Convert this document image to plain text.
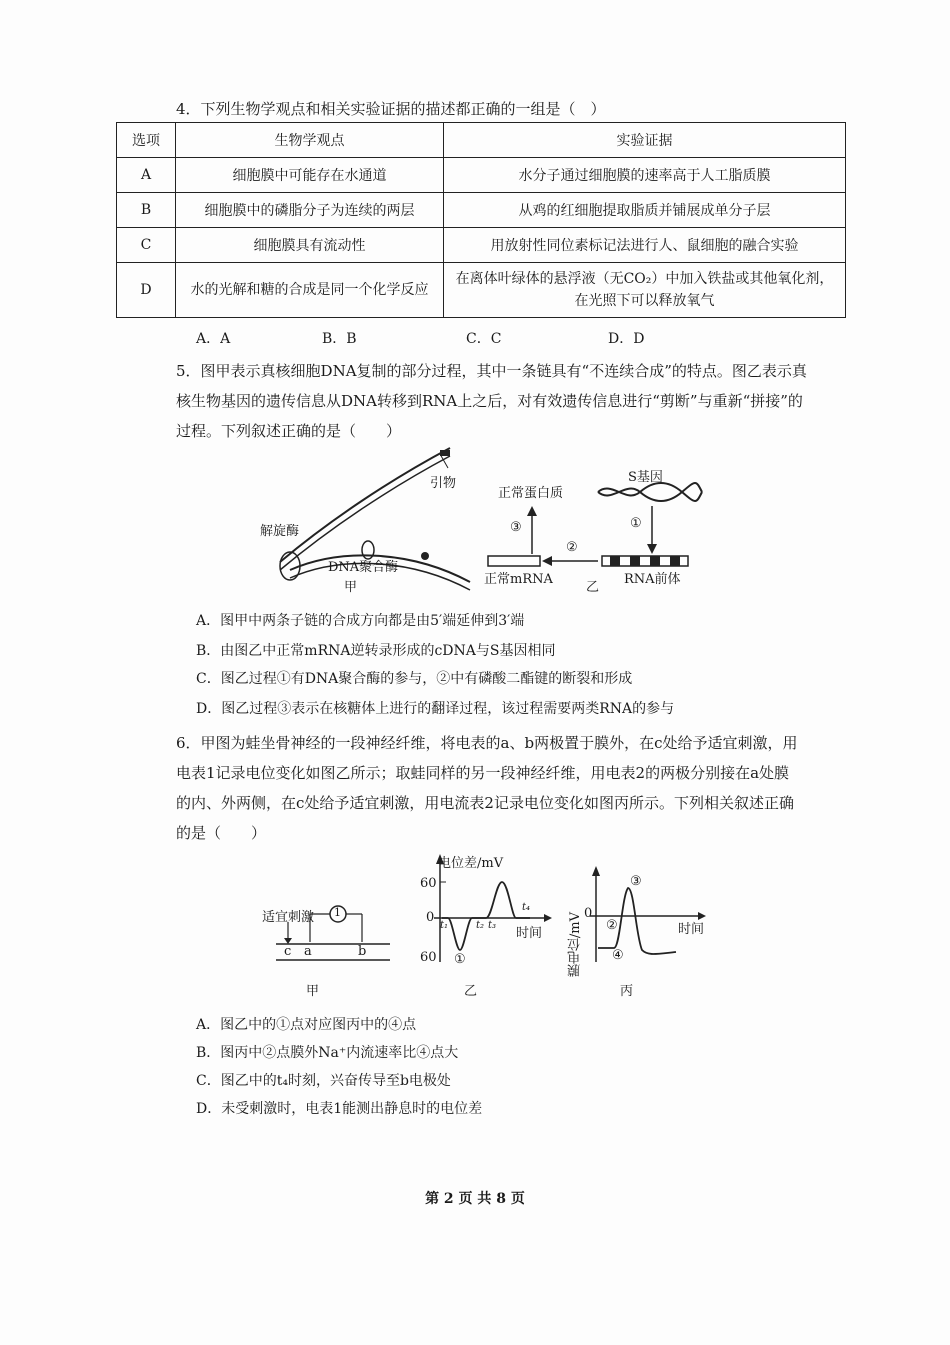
4．下列生物学观点和相关实验证据的描述都正确的一组是（　）
选项	生物学观点	实验证据
A	细胞膜中可能存在水通道	水分子通过细胞膜的速率高于人工脂质膜
B	细胞膜中的磷脂分子为连续的两层	从鸡的红细胞提取脂质并铺展成单分子层
C	细胞膜具有流动性	用放射性同位素标记法进行人、鼠细胞的融合实验
D	水的光解和糖的合成是同一个化学反应	在离体叶绿体的悬浮液（无CO₂）中加入铁盐或其他氧化剂，
在光照下可以释放氧气
A．A	B．B	C．C	D．D
5．图甲表示真核细胞DNA复制的部分过程，其中一条链具有“不连续合成”的特点。图乙表示真
核生物基因的遗传信息从DNA转移到RNA上之后，对有效遗传信息进行“剪断”与重新“拼接”的
过程。下列叙述正确的是（　　）
引物
解旋酶
DNA聚合酶
甲
正常蛋白质
S基因
③	①
②
正常mRNA
乙
RNA前体
A．图甲中两条子链的合成方向都是由5′端延伸到3′端
B．由图乙中正常mRNA逆转录形成的cDNA与S基因相同
C．图乙过程①有DNA聚合酶的参与，②中有磷酸二酯键的断裂和形成
D．图乙过程③表示在核糖体上进行的翻译过程，该过程需要两类RNA的参与
6．甲图为蛙坐骨神经的一段神经纤维，将电表的a、b两极置于膜外，在c处给予适宜刺激，用
电表1记录电位变化如图乙所示；取蛙同样的另一段神经纤维，用电表2的两极分别接在a处膜
的内、外两侧，在c处给予适宜刺激，用电流表2记录电位变化如图丙所示。下列相关叙述正确
的是（　　）
适宜刺激 1
c a	b
甲
电位差/mV
60
0
60
t₁	t₂ t₃
t₄
时间
①
乙
膜电位/mV 0
时间
②
③
④
丙
A．图乙中的①点对应图丙中的④点
B．图丙中②点膜外Na⁺内流速率比④点大
C．图乙中的t₄时刻，兴奋传导至b电极处
D．未受刺激时，电表1能测出静息时的电位差
第 2 页 共 8 页
